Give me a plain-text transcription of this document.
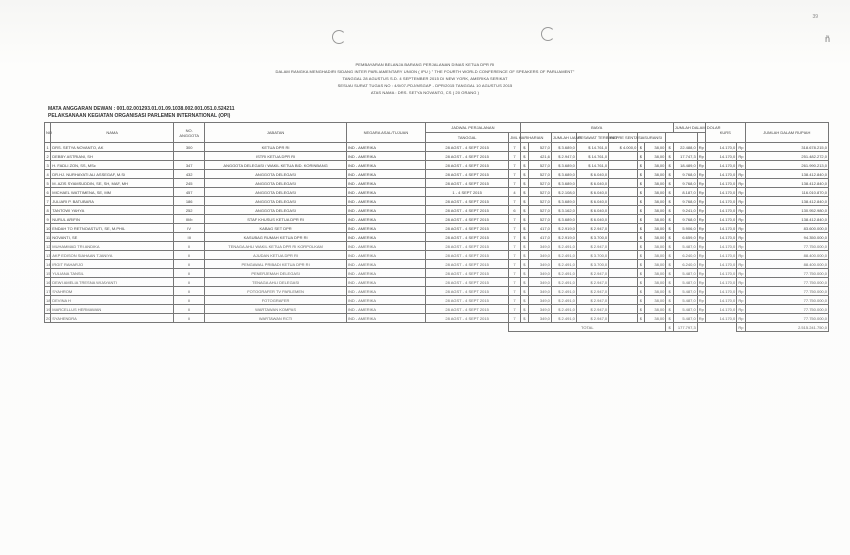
39
ñ
PEMBAYARAN BELANJA BARANG PERJALANAN DINAS KETUA DPR RI
DALAM RANGKA MENGHADIRI SIDANG INTER PARLIAMENTARY UNION ( IPU ) " THE FOURTH WORLD CONFERENCE OF SPEAKERS OF PARLIAMENT"
TANGGAL 28 AGUSTUS S.D. 4 SEPTEMBER 2015 DI NEW YORK, AMERIKA SERIKAT
SESUAI SURAT TUGAS NO : 4/0/07-PDJ/MSGAP - DPR/2015 TANGGAL 10 AGUSTUS 2015
ATAS NAMA : DRS. SETYA NOVANTO, CS ( 20 ORANG )
MATA ANGGARAN DEWAN : 001.02.001293.01.01.09.1038.002.001.051.0.524211
PELAKSANAAN KEGIATAN ORGANISASI PARLEMEN INTERNATIONAL (OPI)
NO	NAMA	NO.
ANGGOTA	JABATAN	NEGARA ASAL/TUJUAN	JADWAL PERJALANAN		BIAYA								JUMLAH DALAM DOLAR		KURS		JUMLAH DALAM RUPIAH
					TANGGAL	JML HARI	HARIAN		JUMLAH UANG	PESAWAT TERBANG	REPRE SENTASI	ASURANSI							
1	DRS. SETYA NOVANTO, AK	300	KETUA DPR RI	IND - AMERIKA	28 AGST - 4 SEPT 2015	7	$	527,0	$ 3.689,0	$ 14.761,0	$ 4.000,0	$	38,00	$	22.488,0	Rp	14.170,0	Rp	318.678.215,0
2	DEBBY ASTRIANI, SH		ISTRI KETUA DPR RI	IND - AMERIKA	28 AGST - 4 SEPT 2015	7	$	421,6	$ 2.947,0	$ 14.761,0		$	38,00	$	17.747,3	Rp	14.170,0	Rp	251.482.272,0
3	H. FADLI ZON, SS, MSc	347	ANGGOTA DELEGASI / WAKIL KETUA BID. KORINBANG	IND - AMERIKA	28 AGST - 4 SEPT 2015	7	$	527,0	$ 3.689,0	$ 14.761,0		$	38,00	$	18.489,0	Rp	14.170,0	Rp	261.990.213,0
4	DR.HJ. NURHAYATI ALI ASSEGAF, M.Si	432	ANGGOTA DELEGASI	IND - AMERIKA	28 AGST - 4 SEPT 2015	7	$	527,0	$ 3.689,0	$ 6.040,0		$	38,00	$	9.768,0	Rp	14.170,0	Rp	138.412.840,0
5	M. AZIS SYAMSUDDIN, SE, SH, MAF, MH	245	ANGGOTA DELEGASI	IND - AMERIKA	28 AGST - 4 SEPT 2015	7	$	527,0	$ 3.689,0	$ 6.040,0		$	38,00	$	9.768,0	Rp	14.170,0	Rp	138.412.840,0
6	MICHAEL WATTIMENA, SE, MM	457	ANGGOTA DELEGASI	IND - AMERIKA	1 - 4 SEPT 2015	4	$	527,0	$ 2.108,0	$ 6.040,0		$	38,00	$	8.187,0	Rp	14.170,0	Rp	116.010.870,0
7	JULIARI P. BATUBARA	186	ANGGOTA DELEGASI	IND - AMERIKA	28 AGST - 4 SEPT 2015	7	$	527,0	$ 3.689,0	$ 6.040,0		$	38,00	$	9.768,0	Rp	14.170,0	Rp	138.412.840,0
8	TANTOWI YAHYA	252	ANGGOTA DELEGASI	IND - AMERIKA	28 AGST - 4 SEPT 2015	6	$	527,0	$ 3.162,0	$ 6.040,0		$	38,00	$	9.241,0	Rp	14.170,0	Rp	130.952.980,0
9	NURUL ARIFIN	III/b	STAF KHUSUS KETUA DPR RI	IND - AMERIKA	28 AGST - 4 SEPT 2015	7	$	527,0	$ 3.689,0	$ 6.040,0		$	38,00	$	9.768,0	Rp	14.170,0	Rp	138.412.840,0
10	ENDAH TO RETNOASTUTI, SE, M.PHIL	IV	KABAG SET DPR	IND - AMERIKA	28 AGST - 4 SEPT 2015	7	$	417,0	$ 2.919,0	$ 2.947,0		$	38,00	$	5.906,0	Rp	14.170,0	Rp	83.600.000,0
11	NOVANTI, SE	III	KASUBAG RUMAH KETUA DPR RI	IND - AMERIKA	28 AGST - 4 SEPT 2015	7	$	417,0	$ 2.919,0	$ 3.700,0		$	38,00	$	6.659,0	Rp	14.170,0	Rp	94.350.000,0
12	MUHAMMAD TRI ANDIKA	II	TENAGA AHLI WAKIL KETUA DPR RI KORPOLKAM	IND - AMERIKA	28 AGST - 4 SEPT 2015	7	$	349,0	$ 2.491,0	$ 2.947,0		$	38,00	$	5.487,0	Rp	14.170,0	Rp	77.750.000,0
13	AKP EDISON SIAHAAN TJANIYA	II	AJUDAN KETUA DPR RI	IND - AMERIKA	28 AGST - 4 SEPT 2015	7	$	349,0	$ 2.491,0	$ 3.700,0		$	38,00	$	6.240,0	Rp	14.170,0	Rp	88.400.000,0
14	IRGIT RAHARJO	II	PENGAWAL PRIBADI KETUA DPR RI	IND - AMERIKA	28 AGST - 4 SEPT 2015	7	$	349,0	$ 2.491,0	$ 3.700,0		$	38,00	$	6.240,0	Rp	14.170,0	Rp	88.400.000,0
15	YULIANA TANSIL	II	PENERJEMAH DELEGASI	IND - AMERIKA	28 AGST - 4 SEPT 2015	7	$	349,0	$ 2.491,0	$ 2.947,0		$	38,00	$	5.487,0	Rp	14.170,0	Rp	77.750.000,0
16	DEWI AMELIA TRESNA WIJAYANTI	II	TENAGA AHLI DELEGASI	IND - AMERIKA	28 AGST - 4 SEPT 2015	7	$	349,0	$ 2.491,0	$ 2.947,0		$	38,00	$	5.487,0	Rp	14.170,0	Rp	77.750.000,0
17	SYAHROM	II	FOTOGRAFER TV PARLEMEN	IND - AMERIKA	28 AGST - 4 SEPT 2015	7	$	349,0	$ 2.491,0	$ 2.947,0		$	38,00	$	5.487,0	Rp	14.170,0	Rp	77.750.000,0
18	DEVINA H	II	FOTOGRAFER	IND - AMERIKA	28 AGST - 4 SEPT 2015	7	$	349,0	$ 2.491,0	$ 2.947,0		$	38,00	$	5.487,0	Rp	14.170,0	Rp	77.750.000,0
19	MARCELLUS HERMAWAN	II	WARTAWAN KOMPAS	IND - AMERIKA	28 AGST - 4 SEPT 2015	7	$	349,0	$ 2.491,0	$ 2.947,0		$	38,00	$	5.487,0	Rp	14.170,0	Rp	77.750.000,0
20	SYAHENDRA	II	WARTAWAN RCTI	IND - AMERIKA	28 AGST - 4 SEPT 2015	7	$	349,0	$ 2.491,0	$ 2.947,0		$	38,00	$	5.487,0	Rp	14.170,0	Rp	77.750.000,0
						TOTAL								$	177.797,3			Rp	2.515.241.750,0
